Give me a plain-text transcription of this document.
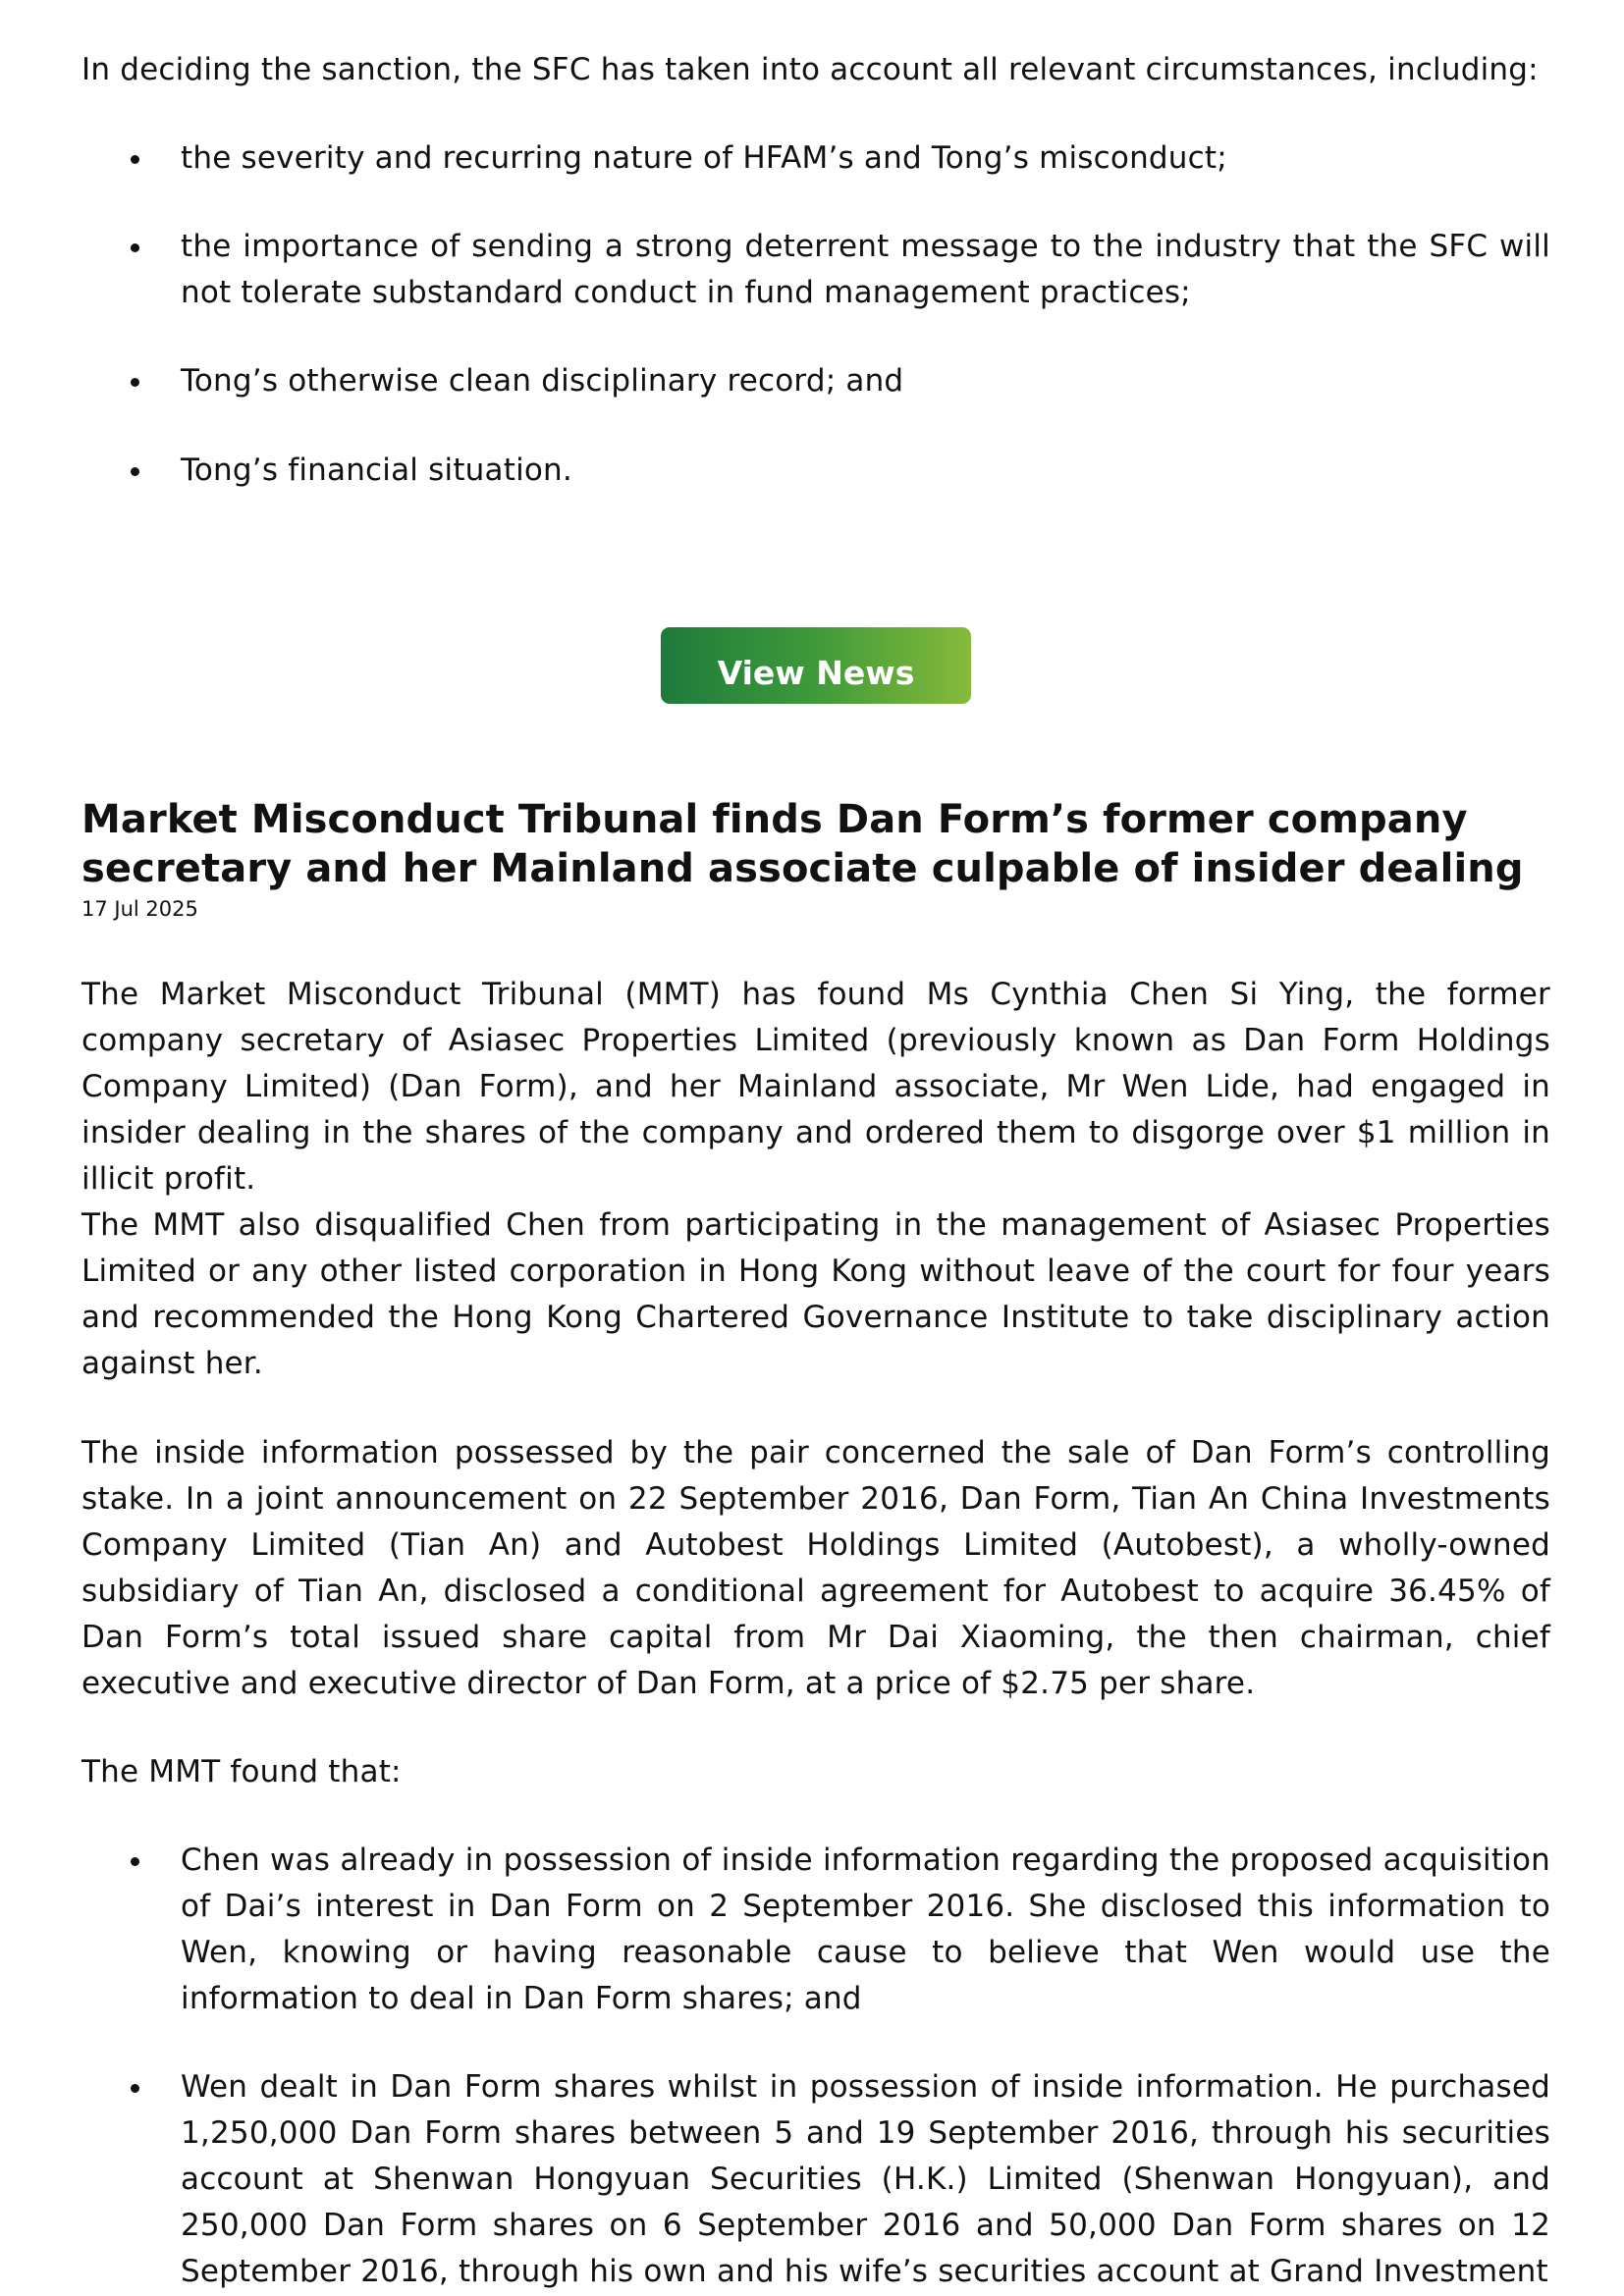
In deciding the sanction, the SFC has taken into account all relevant circumstances, including:

the severity and recurring nature of HFAM’s and Tong’s misconduct;
the importance of sending a strong deterrent message to the industry that the SFC will not tolerate substandard conduct in fund management practices;
Tong’s otherwise clean disciplinary record; and
Tong’s financial situation.
View News
Market Misconduct Tribunal finds Dan Form’s former company secretary and her Mainland associate culpable of insider dealing
17 Jul 2025

The Market Misconduct Tribunal (MMT) has found Ms Cynthia Chen Si Ying, the former company secretary of Asiasec Properties Limited (previously known as Dan Form Holdings Company Limited) (Dan Form), and her Mainland associate, Mr Wen Lide, had engaged in insider dealing in the shares of the company and ordered them to disgorge over $1 million in illicit profit.

The MMT also disqualified Chen from participating in the management of Asiasec Properties Limited or any other listed corporation in Hong Kong without leave of the court for four years and recommended the Hong Kong Chartered Governance Institute to take disciplinary action against her.

The inside information possessed by the pair concerned the sale of Dan Form’s controlling stake. In a joint announcement on 22 September 2016, Dan Form, Tian An China Investments Company Limited (Tian An) and Autobest Holdings Limited (Autobest), a wholly-owned subsidiary of Tian An, disclosed a conditional agreement for Autobest to acquire 36.45% of Dan Form’s total issued share capital from Mr Dai Xiaoming, the then chairman, chief executive and executive director of Dan Form, at a price of $2.75 per share.

The MMT found that:

Chen was already in possession of inside information regarding the proposed acquisition of Dai’s interest in Dan Form on 2 September 2016. She disclosed this information to Wen, knowing or having reasonable cause to believe that Wen would use the information to deal in Dan Form shares; and
Wen dealt in Dan Form shares whilst in possession of inside information. He purchased 1,250,000 Dan Form shares between 5 and 19 September 2016, through his securities account at Shenwan Hongyuan Securities (H.K.) Limited (Shenwan Hongyuan), and 250,000 Dan Form shares on 6 September 2016 and 50,000 Dan Form shares on 12 September 2016, through his own and his wife’s securities account at Grand Investment
